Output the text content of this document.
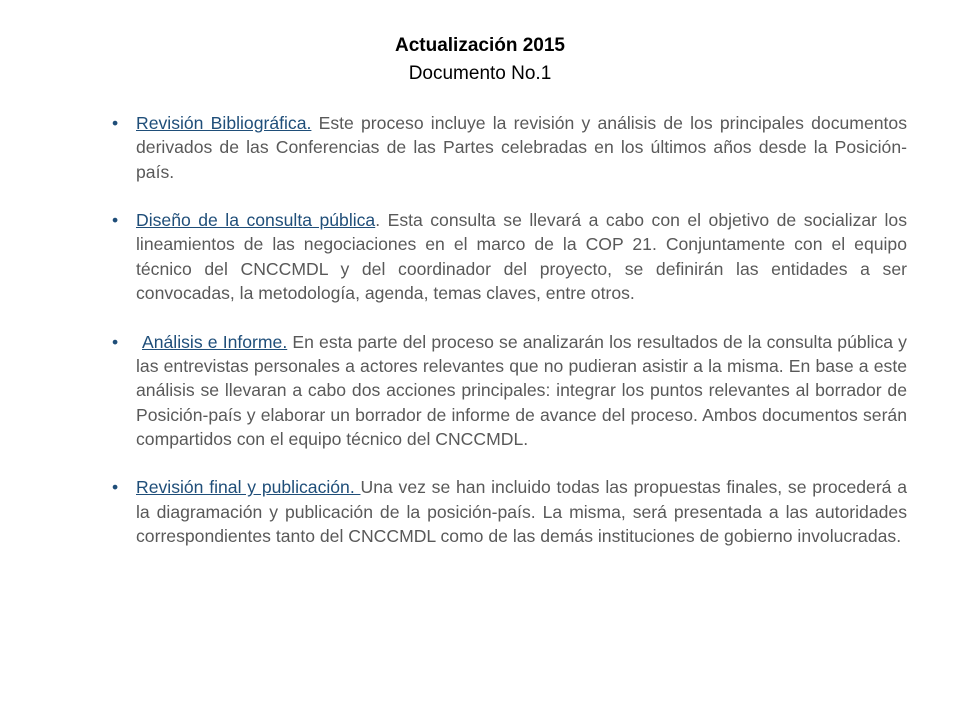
Actualización 2015
Documento No.1
• Revisión Bibliográfica. Este proceso incluye la revisión y análisis de los principales documentos derivados de las Conferencias de las Partes celebradas en los últimos años desde la Posición-país.
• Diseño de la consulta pública. Esta consulta se llevará a cabo con el objetivo de socializar los lineamientos de las negociaciones en el marco de la COP 21. Conjuntamente con el equipo técnico del CNCCMDL y del coordinador del proyecto, se definirán las entidades a ser convocadas, la metodología, agenda, temas claves, entre otros.
• Análisis e Informe. En esta parte del proceso se analizarán los resultados de la consulta pública y las entrevistas personales a actores relevantes que no pudieran asistir a la misma. En base a este análisis se llevaran a cabo dos acciones principales: integrar los puntos relevantes al borrador de Posición-país y elaborar un borrador de informe de avance del proceso. Ambos documentos serán compartidos con el equipo técnico del CNCCMDL.
• Revisión final y publicación. Una vez se han incluido todas las propuestas finales, se procederá a la diagramación y publicación de la posición-país. La misma, será presentada a las autoridades correspondientes tanto del CNCCMDL como de las demás instituciones de gobierno involucradas.
